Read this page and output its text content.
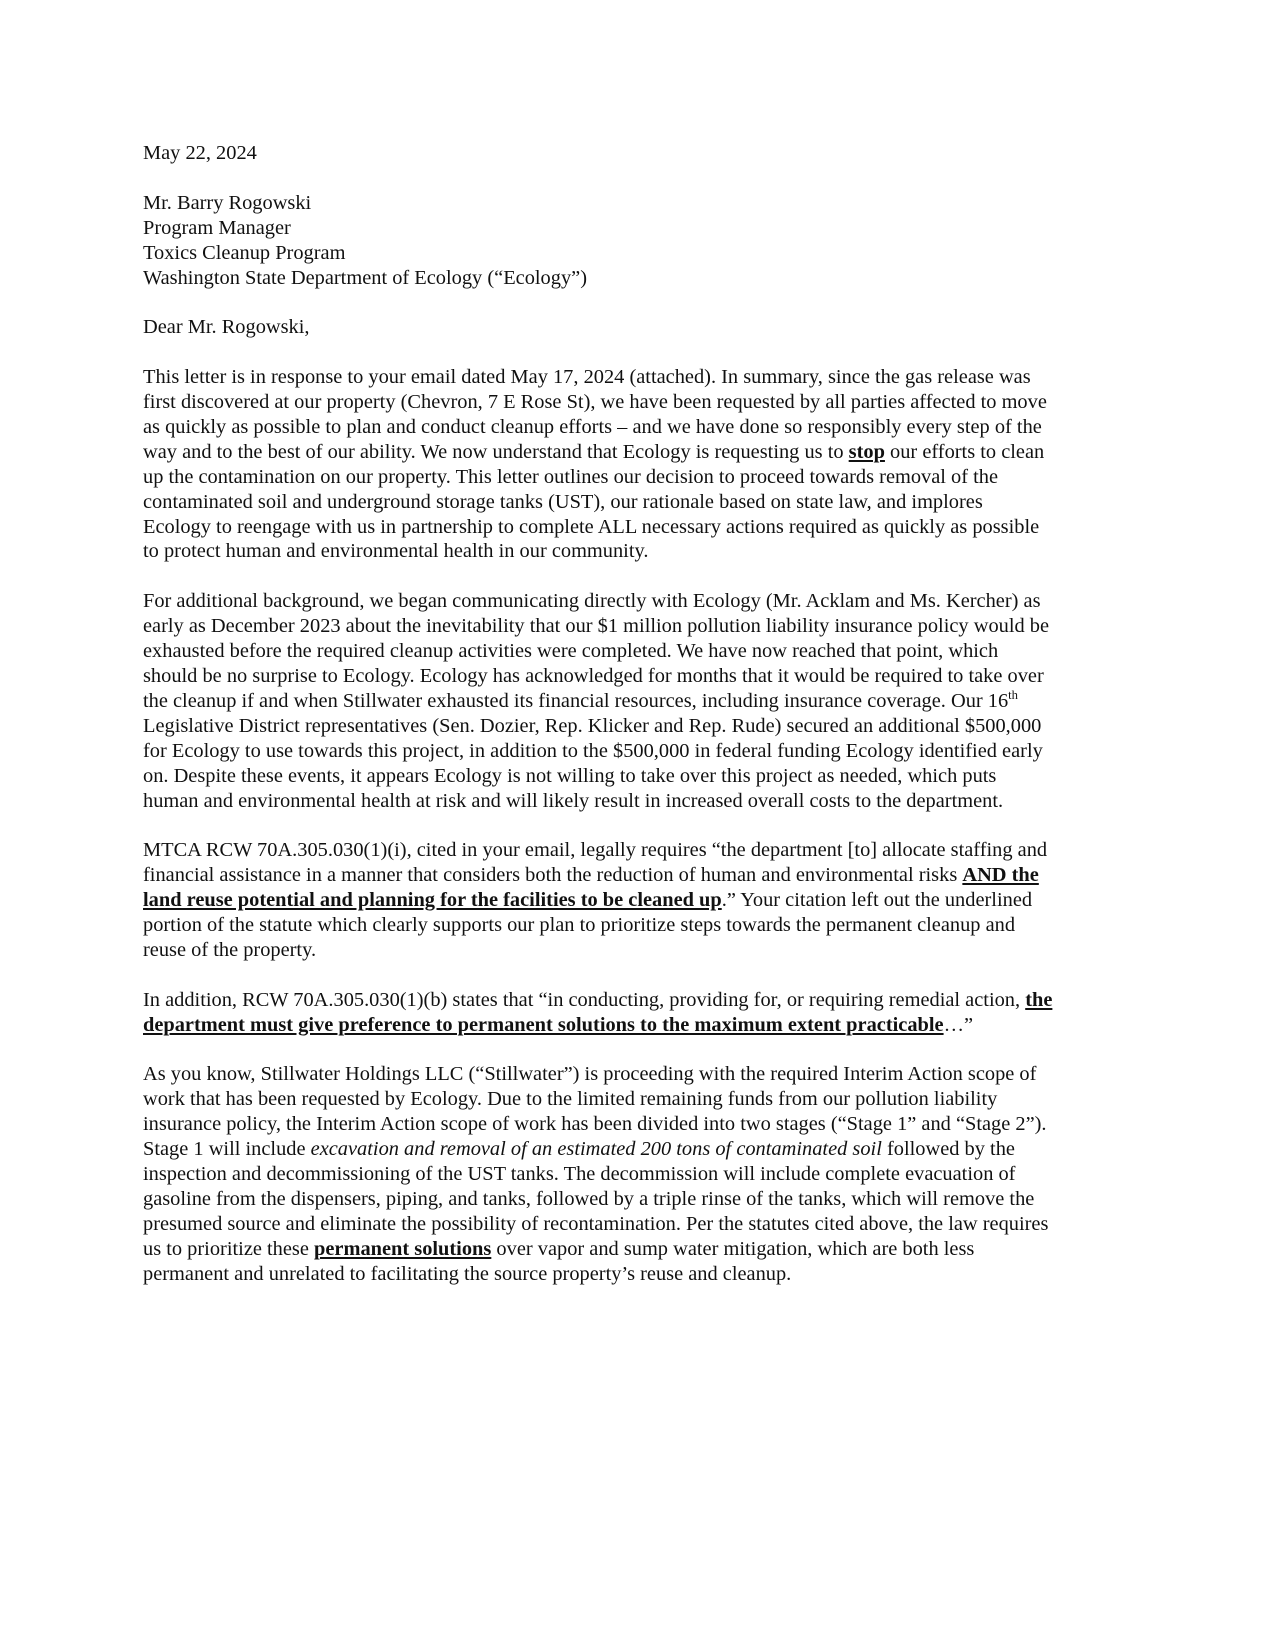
May 22, 2024
Mr. Barry Rogowski
Program Manager
Toxics Cleanup Program
Washington State Department of Ecology (“Ecology”)
Dear Mr. Rogowski,

This letter is in response to your email dated May 17, 2024 (attached). In summary, since the gas release was first discovered at our property (Chevron, 7 E Rose St), we have been requested by all parties affected to move as quickly as possible to plan and conduct cleanup efforts – and we have done so responsibly every step of the way and to the best of our ability. We now understand that Ecology is requesting us to stop our efforts to clean up the contamination on our property. This letter outlines our decision to proceed towards removal of the contaminated soil and underground storage tanks (UST), our rationale based on state law, and implores Ecology to reengage with us in partnership to complete ALL necessary actions required as quickly as possible to protect human and environmental health in our community.

For additional background, we began communicating directly with Ecology (Mr. Acklam and Ms. Kercher) as early as December 2023 about the inevitability that our $1 million pollution liability insurance policy would be exhausted before the required cleanup activities were completed. We have now reached that point, which should be no surprise to Ecology. Ecology has acknowledged for months that it would be required to take over the cleanup if and when Stillwater exhausted its financial resources, including insurance coverage. Our 16th Legislative District representatives (Sen. Dozier, Rep. Klicker and Rep. Rude) secured an additional $500,000 for Ecology to use towards this project, in addition to the $500,000 in federal funding Ecology identified early on. Despite these events, it appears Ecology is not willing to take over this project as needed, which puts human and environmental health at risk and will likely result in increased overall costs to the department.

MTCA RCW 70A.305.030(1)(i), cited in your email, legally requires “the department [to] allocate staffing and financial assistance in a manner that considers both the reduction of human and environmental risks AND the land reuse potential and planning for the facilities to be cleaned up.” Your citation left out the underlined portion of the statute which clearly supports our plan to prioritize steps towards the permanent cleanup and reuse of the property.

In addition, RCW 70A.305.030(1)(b) states that “in conducting, providing for, or requiring remedial action, the department must give preference to permanent solutions to the maximum extent practicable…”

As you know, Stillwater Holdings LLC (“Stillwater”) is proceeding with the required Interim Action scope of work that has been requested by Ecology. Due to the limited remaining funds from our pollution liability insurance policy, the Interim Action scope of work has been divided into two stages (“Stage 1” and “Stage 2”). Stage 1 will include excavation and removal of an estimated 200 tons of contaminated soil followed by the inspection and decommissioning of the UST tanks. The decommission will include complete evacuation of gasoline from the dispensers, piping, and tanks, followed by a triple rinse of the tanks, which will remove the presumed source and eliminate the possibility of recontamination. Per the statutes cited above, the law requires us to prioritize these permanent solutions over vapor and sump water mitigation, which are both less permanent and unrelated to facilitating the source property’s reuse and cleanup.
